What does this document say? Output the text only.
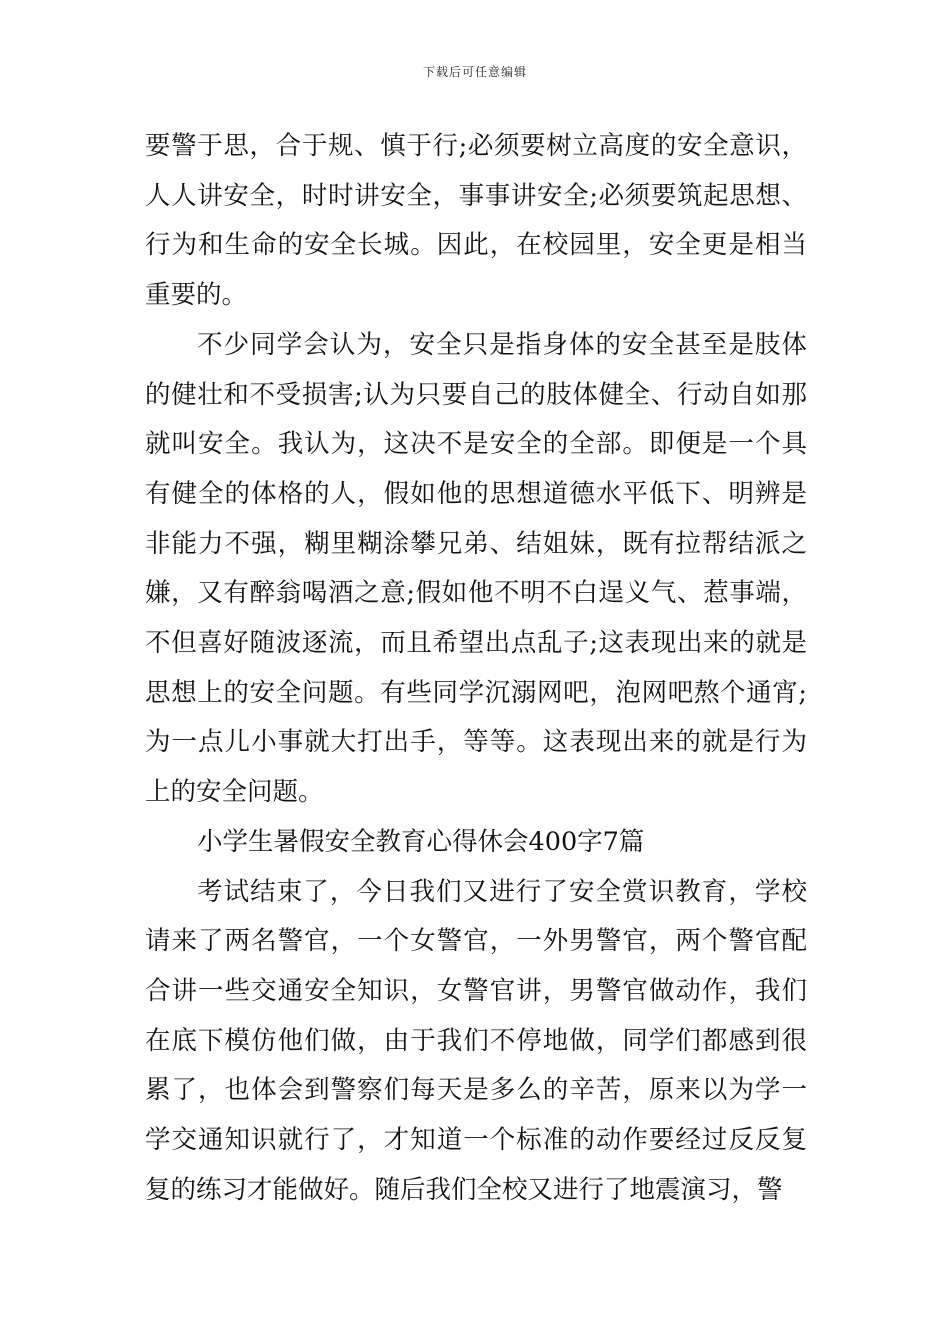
下载后可任意编辑

要警于思，合于规、慎于行;必须要树立高度的安全意识，人人讲安全，时时讲安全，事事讲安全;必须要筑起思想、行为和生命的安全长城。因此，在校园里，安全更是相当重要的。

不少同学会认为，安全只是指身体的安全甚至是肢体的健壮和不受损害;认为只要自己的肢体健全、行动自如那就叫安全。我认为，这决不是安全的全部。即便是一个具有健全的体格的人，假如他的思想道德水平低下、明辨是非能力不强，糊里糊涂攀兄弟、结姐妹，既有拉帮结派之嫌，又有醉翁喝酒之意;假如他不明不白逞义气、惹事端，不但喜好随波逐流，而且希望出点乱子;这表现出来的就是思想上的安全问题。有些同学沉溺网吧，泡网吧熬个通宵;为一点儿小事就大打出手，等等。这表现出来的就是行为上的安全问题。

小学生暑假安全教育心得休会400字7篇

考试结束了，今日我们又进行了安全赏识教育，学校请来了两名警官，一个女警官，一外男警官，两个警官配合讲一些交通安全知识，女警官讲，男警官做动作，我们在底下模仿他们做，由于我们不停地做，同学们都感到很累了，也体会到警察们每天是多么的辛苦，原来以为学一学交通知识就行了，才知道一个标准的动作要经过反反复复的练习才能做好。随后我们全校又进行了地震演习，警
